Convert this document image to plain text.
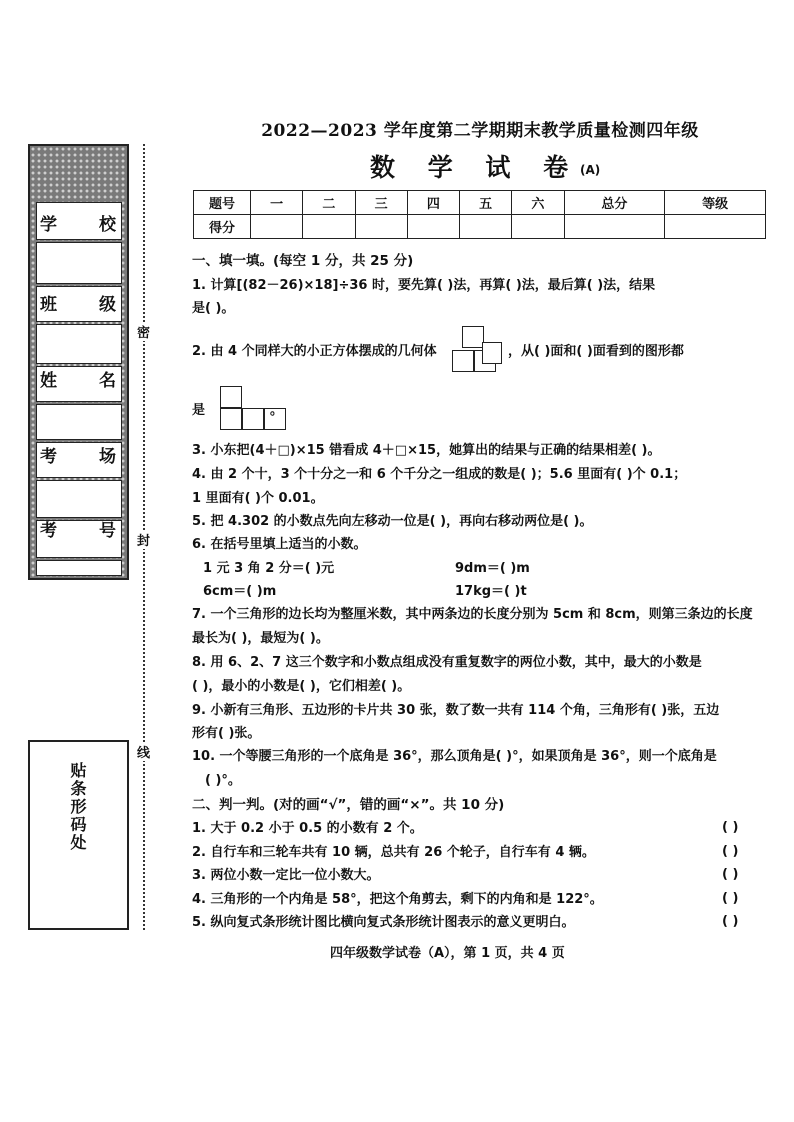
学 校
班 级
姓 名
考 场
考 号
贴条形码处
密
封
线
2022—2023 学年度第二学期期末教学质量检测四年级
数 学 试 卷 (A)
题号	一	二	三	四	五	六	总分	等级
得分								
一、填一填。(每空 1 分，共 25 分)
1. 计算[(82－26)×18]÷36 时，要先算( )法，再算( )法，最后算( )法，结果
是( )。
2. 由 4 个同样大的小正方体摆成的几何体	，从( )面和( )面看到的图形都
是	。
3. 小东把(4＋□)×15 错看成 4＋□×15，她算出的结果与正确的结果相差( )。
4. 由 2 个十，3 个十分之一和 6 个千分之一组成的数是( )；5.6 里面有( )个 0.1；
1 里面有( )个 0.01。
5. 把 4.302 的小数点先向左移动一位是( )，再向右移动两位是( )。
6. 在括号里填上适当的小数。
1 元 3 角 2 分＝( )元	9dm＝( )m
6cm＝( )m	17kg＝( )t
7. 一个三角形的边长均为整厘米数，其中两条边的长度分别为 5cm 和 8cm，则第三条边的长度
最长为( )，最短为( )。
8. 用 6、2、7 这三个数字和小数点组成没有重复数字的两位小数，其中，最大的小数是
( )，最小的小数是( )，它们相差( )。
9. 小新有三角形、五边形的卡片共 30 张，数了数一共有 114 个角，三角形有( )张，五边
形有( )张。
10. 一个等腰三角形的一个底角是 36°，那么顶角是( )°，如果顶角是 36°，则一个底角是
( )°。
二、判一判。(对的画“√”，错的画“×”。共 10 分)
1. 大于 0.2 小于 0.5 的小数有 2 个。	( )
2. 自行车和三轮车共有 10 辆，总共有 26 个轮子，自行车有 4 辆。	( )
3. 两位小数一定比一位小数大。	( )
4. 三角形的一个内角是 58°，把这个角剪去，剩下的内角和是 122°。	( )
5. 纵向复式条形统计图比横向复式条形统计图表示的意义更明白。	( )
四年级数学试卷（A），第 1 页，共 4 页
